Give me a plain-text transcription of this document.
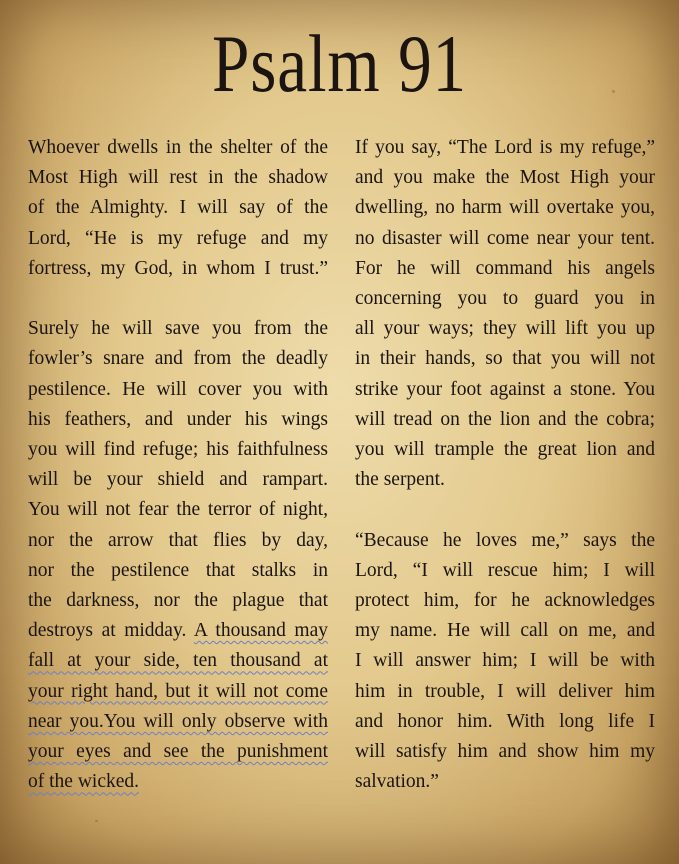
Psalm 91
Whoever dwells in the shelter of the
Most High will rest in the shadow
of the Almighty. I will say of the
Lord, “He is my refuge and my
fortress, my God, in whom I trust.”
Surely he will save you from the
fowler’s snare and from the deadly
pestilence. He will cover you with
his feathers, and under his wings
you will find refuge; his faithfulness
will be your shield and rampart.
You will not fear the terror of night,
nor the arrow that flies by day,
nor the pestilence that stalks in
the darkness, nor the plague that
destroys at midday. A thousand may
fall at your side, ten thousand at
your right hand, but it will not come
near you.You will only observe with
your eyes and see the punishment
of the wicked.
If you say, “The Lord is my refuge,”
and you make the Most High your
dwelling, no harm will overtake you,
no disaster will come near your tent.
For he will command his angels
concerning you to guard you in
all your ways; they will lift you up
in their hands, so that you will not
strike your foot against a stone. You
will tread on the lion and the cobra;
you will trample the great lion and
the serpent.
“Because he loves me,” says the
Lord, “I will rescue him; I will
protect him, for he acknowledges
my name. He will call on me, and
I will answer him; I will be with
him in trouble, I will deliver him
and honor him. With long life I
will satisfy him and show him my
salvation.”
